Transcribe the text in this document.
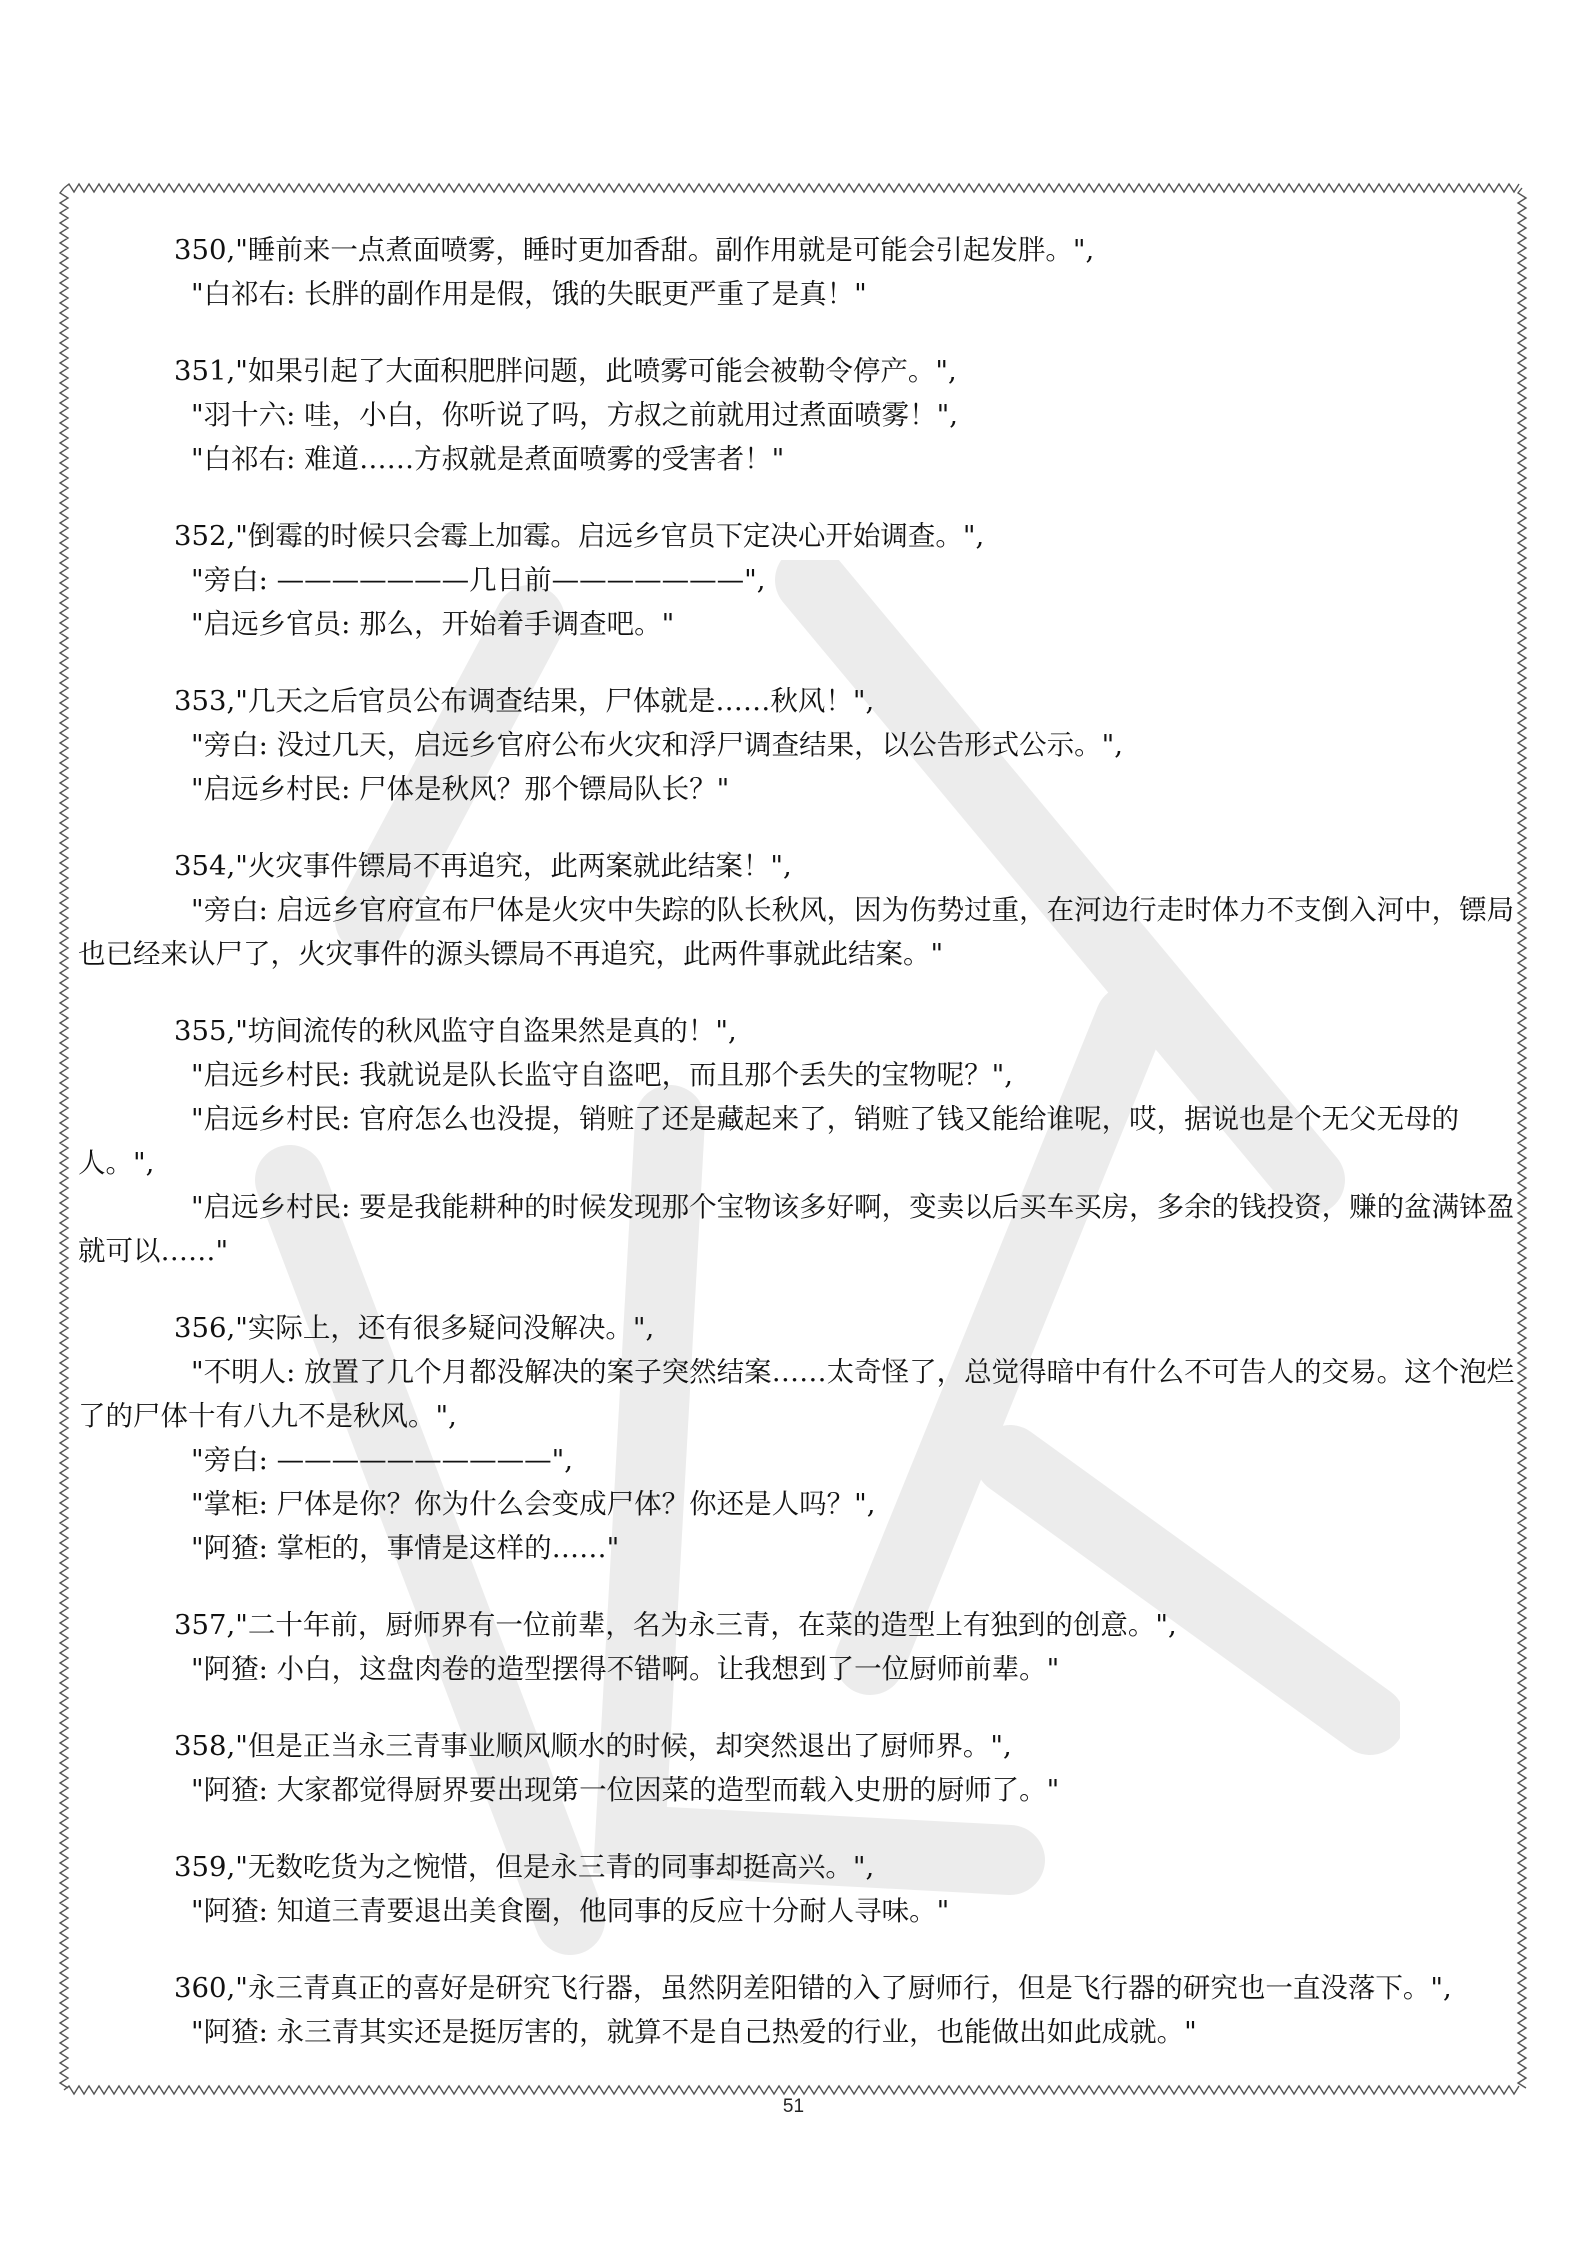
350,"睡前来一点煮面喷雾，睡时更加香甜。副作用就是可能会引起发胖。",
"白祁右: 长胖的副作用是假，饿的失眠更严重了是真！"
351,"如果引起了大面积肥胖问题，此喷雾可能会被勒令停产。",
"羽十六: 哇，小白，你听说了吗，方叔之前就用过煮面喷雾！",
"白祁右: 难道……方叔就是煮面喷雾的受害者！"
352,"倒霉的时候只会霉上加霉。启远乡官员下定决心开始调查。",
"旁白: ———————几日前———————",
"启远乡官员: 那么，开始着手调查吧。"
353,"几天之后官员公布调查结果，尸体就是……秋风！",
"旁白: 没过几天，启远乡官府公布火灾和浮尸调查结果，以公告形式公示。",
"启远乡村民: 尸体是秋风？那个镖局队长？"
354,"火灾事件镖局不再追究，此两案就此结案！",
"旁白: 启远乡官府宣布尸体是火灾中失踪的队长秋风，因为伤势过重，在河边行走时体力不支倒入河中，镖局也已经来认尸了，火灾事件的源头镖局不再追究，此两件事就此结案。"
355,"坊间流传的秋风监守自盗果然是真的！",
"启远乡村民: 我就说是队长监守自盗吧，而且那个丢失的宝物呢？",
"启远乡村民: 官府怎么也没提，销赃了还是藏起来了，销赃了钱又能给谁呢，哎，据说也是个无父无母的人。",
"启远乡村民: 要是我能耕种的时候发现那个宝物该多好啊，变卖以后买车买房，多余的钱投资，赚的盆满钵盈就可以……"
356,"实际上，还有很多疑问没解决。",
"不明人: 放置了几个月都没解决的案子突然结案……太奇怪了，总觉得暗中有什么不可告人的交易。这个泡烂了的尸体十有八九不是秋风。",
"旁白: ——————————",
"掌柜: 尸体是你？你为什么会变成尸体？你还是人吗？",
"阿猹: 掌柜的，事情是这样的……"
357,"二十年前，厨师界有一位前辈，名为永三青，在菜的造型上有独到的创意。",
"阿猹: 小白，这盘肉卷的造型摆得不错啊。让我想到了一位厨师前辈。"
358,"但是正当永三青事业顺风顺水的时候，却突然退出了厨师界。",
"阿猹: 大家都觉得厨界要出现第一位因菜的造型而载入史册的厨师了。"
359,"无数吃货为之惋惜，但是永三青的同事却挺高兴。",
"阿猹: 知道三青要退出美食圈，他同事的反应十分耐人寻味。"
360,"永三青真正的喜好是研究飞行器，虽然阴差阳错的入了厨师行，但是飞行器的研究也一直没落下。",
"阿猹: 永三青其实还是挺厉害的，就算不是自己热爱的行业，也能做出如此成就。"
51
